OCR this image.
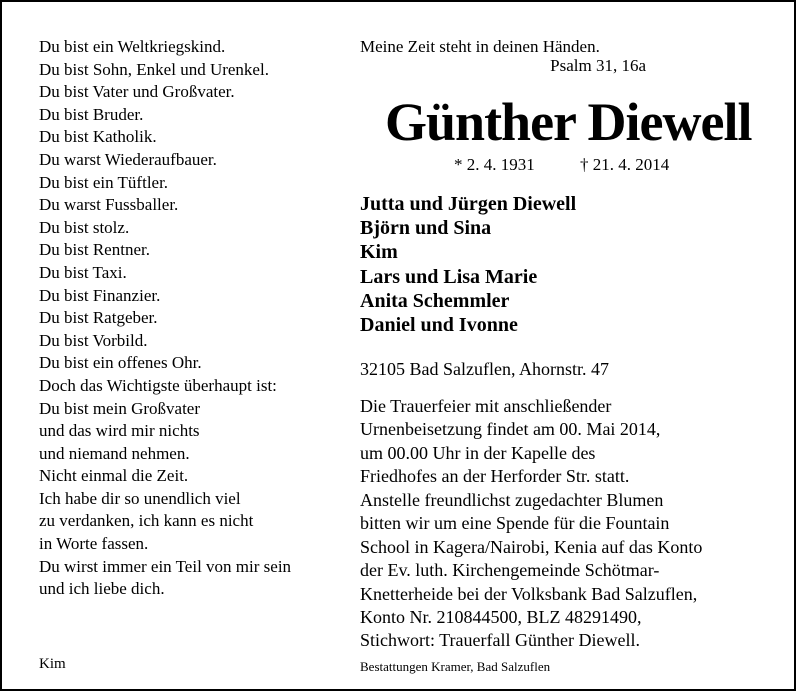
Du bist ein Weltkriegskind.
Du bist Sohn, Enkel und Urenkel.
Du bist Vater und Großvater.
Du bist Bruder.
Du bist Katholik.
Du warst Wiederaufbauer.
Du bist ein Tüftler.
Du warst Fussballer.
Du bist stolz.
Du bist Rentner.
Du bist Taxi.
Du bist Finanzier.
Du bist Ratgeber.
Du bist Vorbild.
Du bist ein offenes Ohr.
Doch das Wichtigste überhaupt ist:
Du bist mein Großvater
und das wird mir nichts
und niemand nehmen.
Nicht einmal die Zeit.
Ich habe dir so unendlich viel
zu verdanken, ich kann es nicht
in Worte fassen.
Du wirst immer ein Teil von mir sein
und ich liebe dich.
Kim
Meine Zeit steht in deinen Händen.
Psalm 31, 16a
Günther Diewell
* 2. 4. 1931	† 21. 4. 2014
Jutta und Jürgen Diewell
Björn und Sina
Kim
Lars und Lisa Marie
Anita Schemmler
Daniel und Ivonne
32105 Bad Salzuflen, Ahornstr. 47
Die Trauerfeier mit anschließender
Urnenbeisetzung findet am 00. Mai 2014,
um 00.00 Uhr in der Kapelle des
Friedhofes an der Herforder Str. statt.
Anstelle freundlichst zugedachter Blumen
bitten wir um eine Spende für die Fountain
School in Kagera/Nairobi, Kenia auf das Konto
der Ev. luth. Kirchengemeinde Schötmar-
Knetterheide bei der Volksbank Bad Salzuflen,
Konto Nr. 210844500, BLZ 48291490,
Stichwort: Trauerfall Günther Diewell.
Bestattungen Kramer, Bad Salzuflen
